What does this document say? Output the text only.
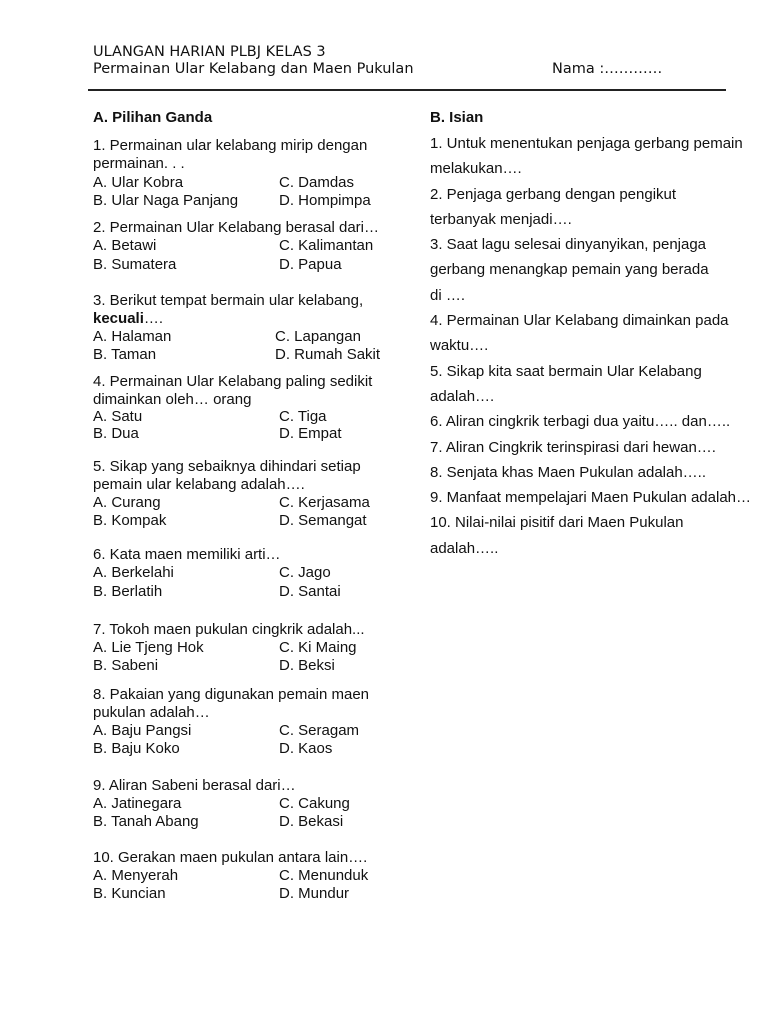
ULANGAN HARIAN PLBJ KELAS 3
Permainan Ular Kelabang dan Maen Pukulan	Nama :…………
A. Pilihan Ganda
1. Permainan ular kelabang mirip dengan
permainan. . .
A. Ular Kobra	C. Damdas
B. Ular Naga Panjang	D. Hompimpa
2. Permainan Ular Kelabang berasal dari…
A. Betawi	C. Kalimantan
B. Sumatera	D. Papua
3. Berikut tempat bermain ular kelabang,
kecuali….
A. Halaman	C. Lapangan
B. Taman	D. Rumah Sakit
4. Permainan Ular Kelabang paling sedikit
dimainkan oleh… orang
A. Satu	C. Tiga
B. Dua	D. Empat
5. Sikap yang sebaiknya dihindari setiap
pemain ular kelabang adalah….
A. Curang	C. Kerjasama
B. Kompak	D. Semangat
6. Kata maen memiliki arti…
A. Berkelahi	C. Jago
B. Berlatih	D. Santai
7. Tokoh maen pukulan cingkrik adalah...
A. Lie Tjeng Hok	C. Ki Maing
B. Sabeni	D. Beksi
8. Pakaian yang digunakan pemain maen
pukulan adalah…
A. Baju Pangsi	C. Seragam
B. Baju Koko	D. Kaos
9. Aliran Sabeni berasal dari…
A. Jatinegara	C. Cakung
B. Tanah Abang	D. Bekasi
10. Gerakan maen pukulan antara lain….
A. Menyerah	C. Menunduk
B. Kuncian	D. Mundur
B. Isian
1. Untuk menentukan penjaga gerbang pemain
melakukan….
2. Penjaga gerbang dengan pengikut
terbanyak menjadi….
3. Saat lagu selesai dinyanyikan, penjaga
gerbang menangkap pemain yang berada
di ….
4. Permainan Ular Kelabang dimainkan pada
waktu….
5. Sikap kita saat bermain Ular Kelabang
adalah….
6. Aliran cingkrik terbagi dua yaitu….. dan…..
7. Aliran Cingkrik terinspirasi dari hewan….
8. Senjata khas Maen Pukulan adalah…..
9. Manfaat mempelajari Maen Pukulan adalah…
10. Nilai-nilai pisitif dari Maen Pukulan
adalah…..
